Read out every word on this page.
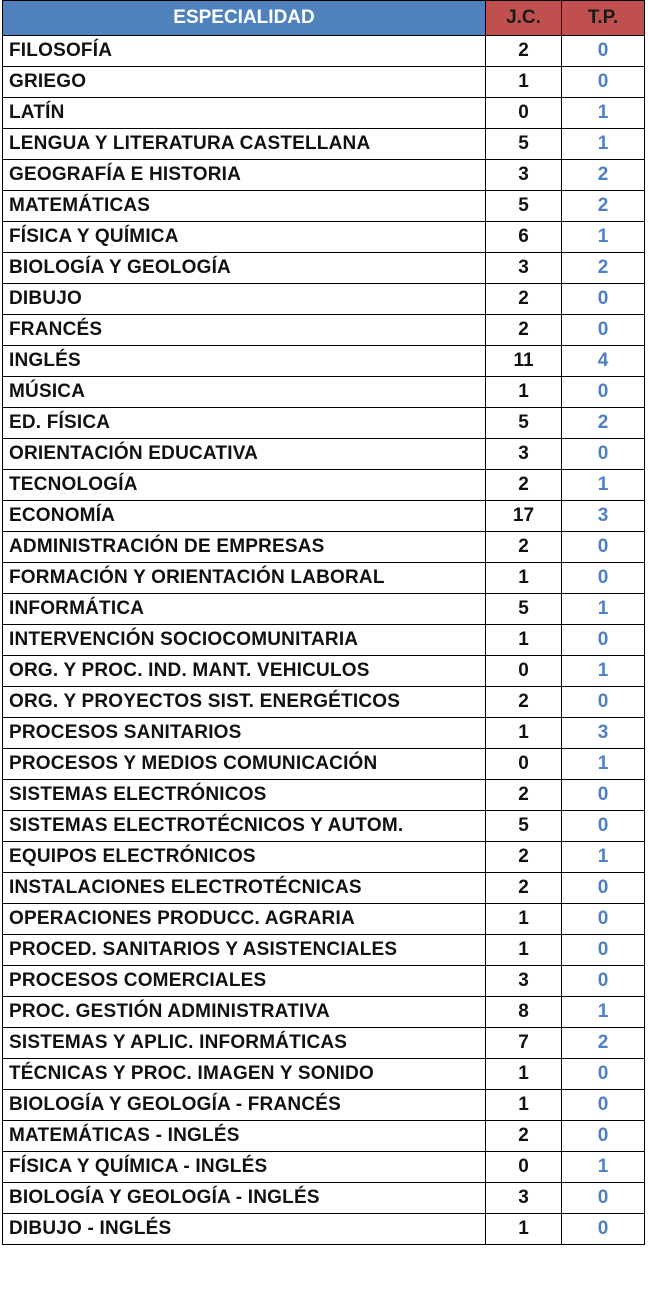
ESPECIALIDAD	J.C.	T.P.
FILOSOFÍA	2	0
GRIEGO	1	0
LATÍN	0	1
LENGUA Y LITERATURA CASTELLANA	5	1
GEOGRAFÍA E HISTORIA	3	2
MATEMÁTICAS	5	2
FÍSICA Y QUÍMICA	6	1
BIOLOGÍA Y GEOLOGÍA	3	2
DIBUJO	2	0
FRANCÉS	2	0
INGLÉS	11	4
MÚSICA	1	0
ED. FÍSICA	5	2
ORIENTACIÓN EDUCATIVA	3	0
TECNOLOGÍA	2	1
ECONOMÍA	17	3
ADMINISTRACIÓN DE EMPRESAS	2	0
FORMACIÓN Y ORIENTACIÓN LABORAL	1	0
INFORMÁTICA	5	1
INTERVENCIÓN SOCIOCOMUNITARIA	1	0
ORG. Y PROC. IND. MANT. VEHICULOS	0	1
ORG. Y PROYECTOS SIST. ENERGÉTICOS	2	0
PROCESOS SANITARIOS	1	3
PROCESOS Y MEDIOS COMUNICACIÓN	0	1
SISTEMAS ELECTRÓNICOS	2	0
SISTEMAS ELECTROTÉCNICOS Y AUTOM.	5	0
EQUIPOS ELECTRÓNICOS	2	1
INSTALACIONES ELECTROTÉCNICAS	2	0
OPERACIONES PRODUCC. AGRARIA	1	0
PROCED. SANITARIOS Y ASISTENCIALES	1	0
PROCESOS COMERCIALES	3	0
PROC. GESTIÓN ADMINISTRATIVA	8	1
SISTEMAS Y APLIC. INFORMÁTICAS	7	2
TÉCNICAS Y PROC. IMAGEN Y SONIDO	1	0
BIOLOGÍA Y GEOLOGÍA - FRANCÉS	1	0
MATEMÁTICAS - INGLÉS	2	0
FÍSICA Y QUÍMICA - INGLÉS	0	1
BIOLOGÍA Y GEOLOGÍA - INGLÉS	3	0
DIBUJO - INGLÉS	1	0
